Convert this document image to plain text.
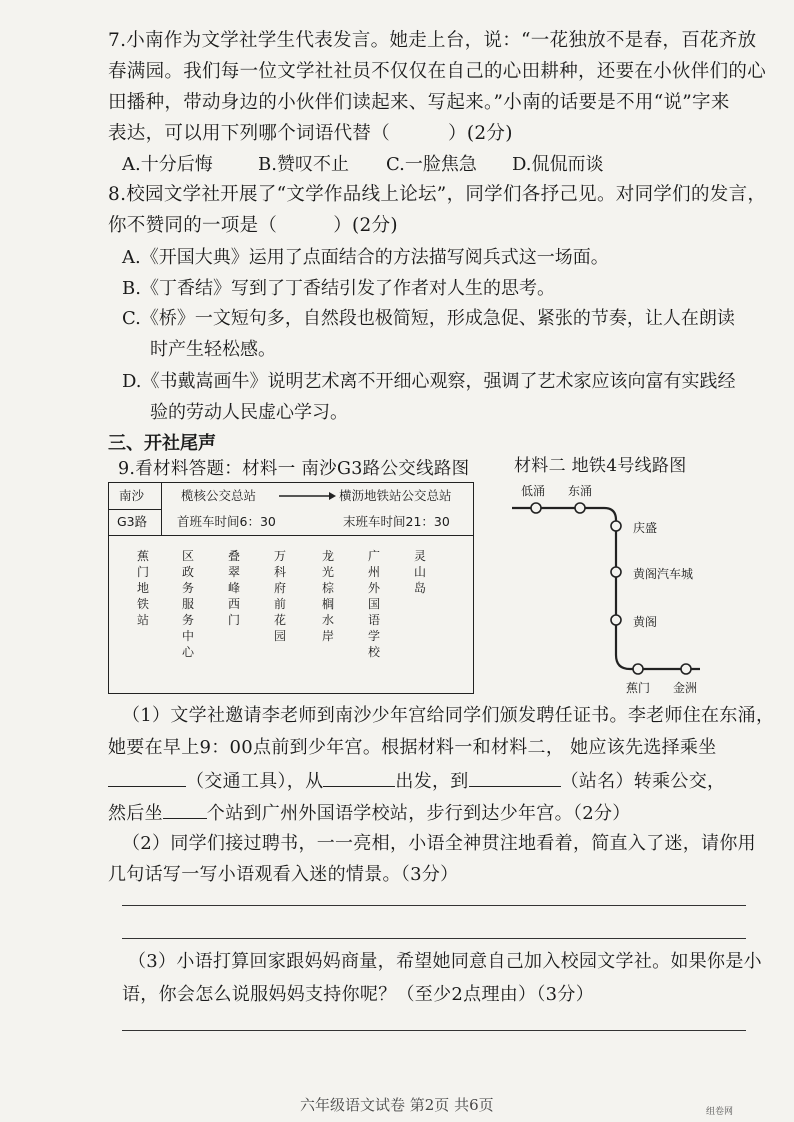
7.小南作为文学社学生代表发言。她走上台，说：“一花独放不是春，百花齐放
春满园。我们每一位文学社社员不仅仅在自己的心田耕种，还要在小伙伴们的心
田播种，带动身边的小伙伴们读起来、写起来。”小南的话要是不用“说”字来
表达，可以用下列哪个词语代替（	）(2分)
A.十分后悔	B.赞叹不止 C.一脸焦急 D.侃侃而谈
8.校园文学社开展了“文学作品线上论坛”，同学们各抒己见。对同学们的发言，
你不赞同的一项是（	）(2分)
A.《开国大典》运用了点面结合的方法描写阅兵式这一场面。
B.《丁香结》写到了丁香结引发了作者对人生的思考。
C.《桥》一文短句多，自然段也极简短，形成急促、紧张的节奏，让人在朗读
时产生轻松感。
D.《书戴嵩画牛》说明艺术离不开细心观察，强调了艺术家应该向富有实践经
验的劳动人民虚心学习。
三、开社尾声
9.看材料答题：材料一 南沙G3路公交线路图	材料二 地铁4号线路图
南沙
G3路
榄核公交总站	横沥地铁站公交总站
首班车时间6：30	末班车时间21：30
蕉门地铁站
区政务服务中心
叠翠峰西门
万科府前花园
龙光棕榈水岸
广州外国语学校
灵山岛
低涌 东涌
庆盛
黄阁汽车城
黄阁
蕉门 金洲
（1）文学社邀请李老师到南沙少年宫给同学们颁发聘任证书。李老师住在东涌，
她要在早上9：00点前到少年宫。根据材料一和材料二， 她应该先选择乘坐
（交通工具），从	出发，到	（站名）转乘公交，
然后坐 个站到广州外国语学校站，步行到达少年宫。（2分）
（2）同学们接过聘书，一一亮相，小语全神贯注地看着，简直入了迷，请你用
几句话写一写小语观看入迷的情景。（3分）
（3）小语打算回家跟妈妈商量，希望她同意自己加入校园文学社。如果你是小
语，你会怎么说服妈妈支持你呢？（至少2点理由）（3分）
六年级语文试卷 第2页 共6页	组卷网
